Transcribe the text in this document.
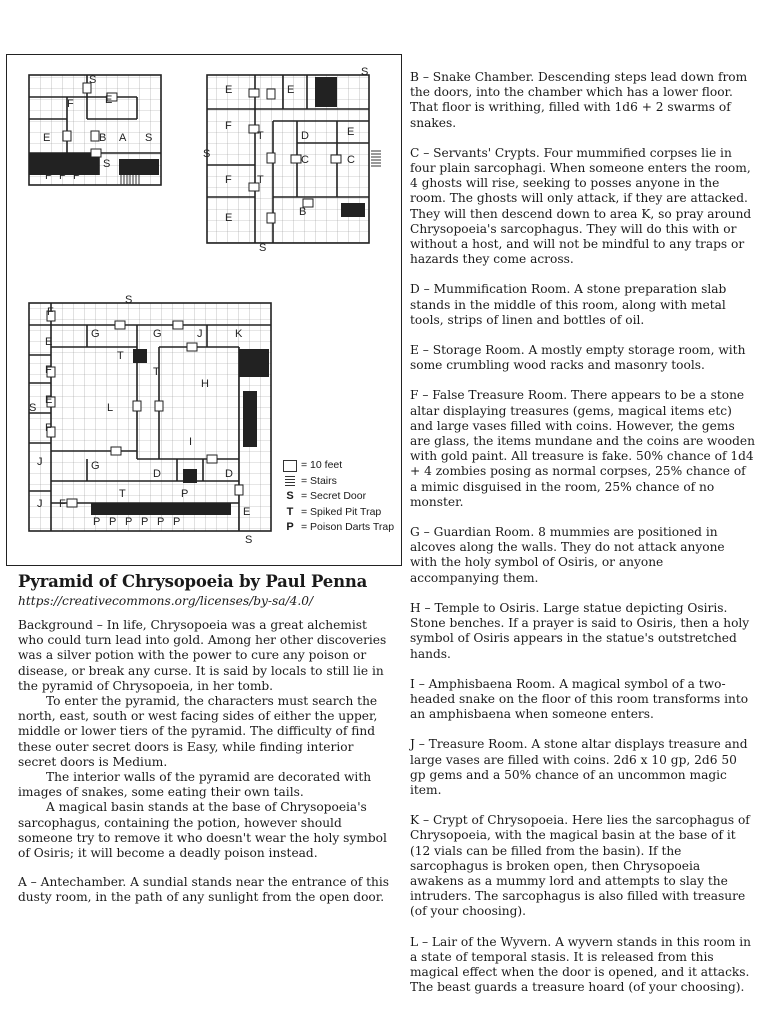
F	E
A
B
E	S
S
S
P P P
E	E
F
F
E
T
T
D	E
C	C
B
S
S
S
F
E
F
E
F
J
G	G	J	K
T
T
H
L
I
G
D	D
J F
T	P
E
S
S
S
P P P P P P
= 10 feet
= Stairs
S = Secret Door
T = Spiked Pit Trap
P = Poison Darts Trap
Pyramid of Chrysopoeia by Paul Penna
https://creativecommons.org/licenses/by-sa/4.0/

Background – In life, Chrysopoeia was a great alchemist who could turn lead into gold. Among her other discoveries was a silver potion with the power to cure any poison or disease, or break any curse. It is said by locals to still lie in the pyramid of Chrysopoeia, in her tomb.

To enter the pyramid, the characters must search the north, east, south or west facing sides of either the upper, middle or lower tiers of the pyramid. The difficulty of find these outer secret doors is Easy, while finding interior secret doors is Medium.

The interior walls of the pyramid are decorated with images of snakes, some eating their own tails.

A magical basin stands at the base of Chrysopoeia's sarcophagus, containing the potion, however should someone try to remove it who doesn't wear the holy symbol of Osiris; it will become a deadly poison instead.

A – Antechamber. A sundial stands near the entrance of this dusty room, in the path of any sunlight from the open door.

B – Snake Chamber. Descending steps lead down from the doors, into the chamber which has a lower floor. That floor is writhing, filled with 1d6 + 2 swarms of snakes.

C – Servants' Crypts. Four mummified corpses lie in four plain sarcophagi. When someone enters the room, 4 ghosts will rise, seeking to posses anyone in the room. The ghosts will only attack, if they are attacked. They will then descend down to area K, so pray around Chrysopoeia's sarcophagus. They will do this with or without a host, and will not be mindful to any traps or hazards they come across.

D – Mummification Room. A stone preparation slab stands in the middle of this room, along with metal tools, strips of linen and bottles of oil.

E – Storage Room. A mostly empty storage room, with some crumbling wood racks and masonry tools.

F – False Treasure Room. There appears to be a stone altar displaying treasures (gems, magical items etc) and large vases filled with coins. However, the gems are glass, the items mundane and the coins are wooden with gold paint. All treasure is fake. 50% chance of 1d4 + 4 zombies posing as normal corpses, 25% chance of a mimic disguised in the room, 25% chance of no monster.

G – Guardian Room. 8 mummies are positioned in alcoves along the walls. They do not attack anyone with the holy symbol of Osiris, or anyone accompanying them.

H – Temple to Osiris. Large statue depicting Osiris. Stone benches. If a prayer is said to Osiris, then a holy symbol of Osiris appears in the statue's outstretched hands.

I – Amphisbaena Room. A magical symbol of a two-headed snake on the floor of this room transforms into an amphisbaena when someone enters.

J – Treasure Room. A stone altar displays treasure and large vases are filled with coins. 2d6 x 10 gp, 2d6 50 gp gems and a 50% chance of an uncommon magic item.

K – Crypt of Chrysopoeia. Here lies the sarcophagus of Chrysopoeia, with the magical basin at the base of it (12 vials can be filled from the basin). If the sarcophagus is broken open, then Chrysopoeia awakens as a mummy lord and attempts to slay the intruders. The sarcophagus is also filled with treasure (of your choosing).

L – Lair of the Wyvern. A wyvern stands in this room in a state of temporal stasis. It is released from this magical effect when the door is opened, and it attacks. The beast guards a treasure hoard (of your choosing).
